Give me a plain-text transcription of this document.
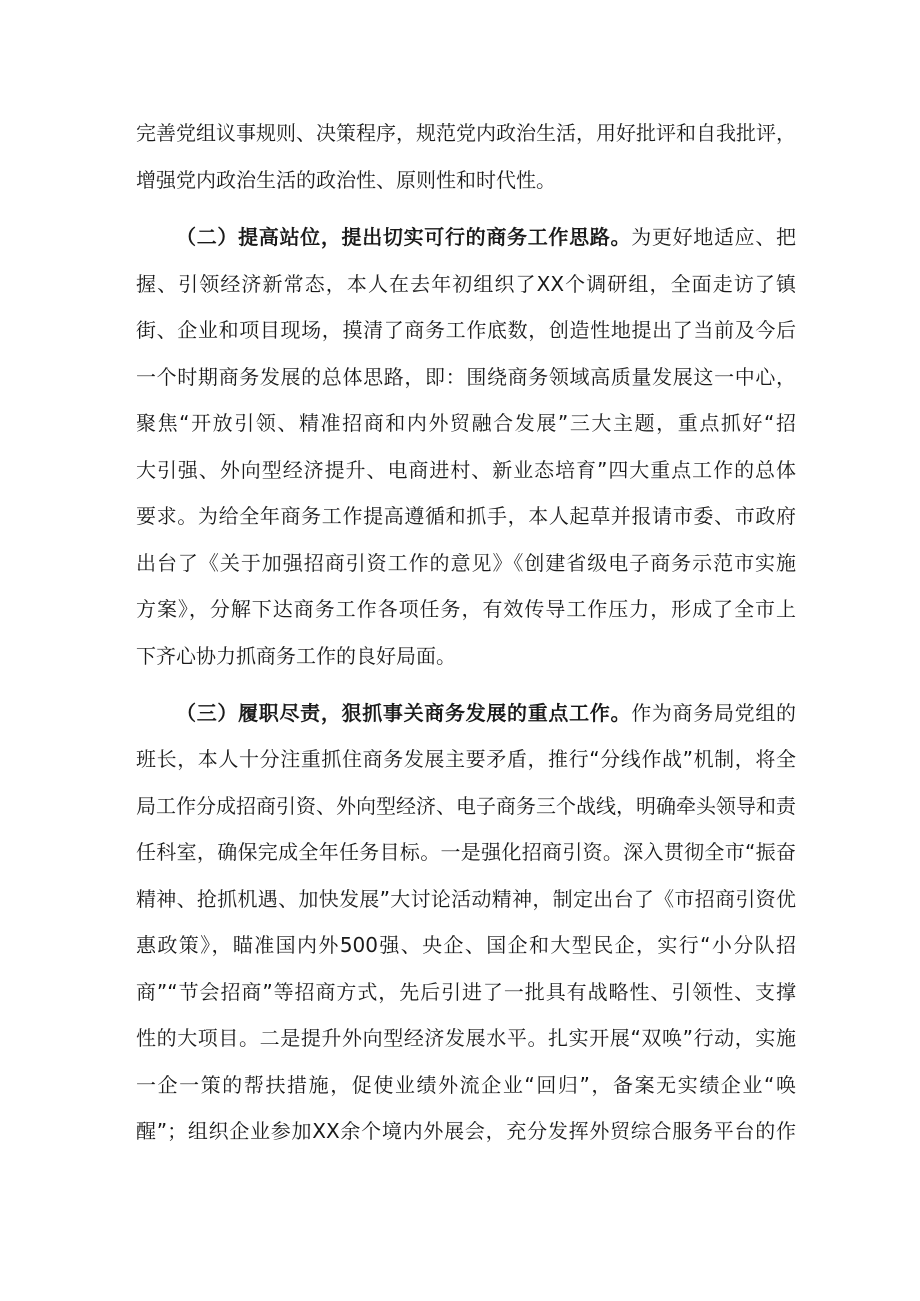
完善党组议事规则、决策程序，规范党内政治生活，用好批评和自我批评，
增强党内政治生活的政治性、原则性和时代性。
（二）提高站位，提出切实可行的商务工作思路。为更好地适应、把
握、引领经济新常态，本人在去年初组织了XX个调研组，全面走访了镇
街、企业和项目现场，摸清了商务工作底数，创造性地提出了当前及今后
一个时期商务发展的总体思路，即：围绕商务领域高质量发展这一中心，
聚焦“开放引领、精准招商和内外贸融合发展”三大主题，重点抓好“招
大引强、外向型经济提升、电商进村、新业态培育”四大重点工作的总体
要求。为给全年商务工作提高遵循和抓手，本人起草并报请市委、市政府
出台了《关于加强招商引资工作的意见》《创建省级电子商务示范市实施
方案》，分解下达商务工作各项任务，有效传导工作压力，形成了全市上
下齐心协力抓商务工作的良好局面。
（三）履职尽责，狠抓事关商务发展的重点工作。作为商务局党组的
班长，本人十分注重抓住商务发展主要矛盾，推行“分线作战”机制，将全
局工作分成招商引资、外向型经济、电子商务三个战线，明确牵头领导和责
任科室，确保完成全年任务目标。一是强化招商引资。深入贯彻全市“振奋
精神、抢抓机遇、加快发展”大讨论活动精神，制定出台了《市招商引资优
惠政策》，瞄准国内外500强、央企、国企和大型民企，实行“小分队招
商”“节会招商”等招商方式，先后引进了一批具有战略性、引领性、支撑
性的大项目。二是提升外向型经济发展水平。扎实开展“双唤”行动，实施
一企一策的帮扶措施，促使业绩外流企业“回归”，备案无实绩企业“唤
醒”；组织企业参加XX余个境内外展会，充分发挥外贸综合服务平台的作
